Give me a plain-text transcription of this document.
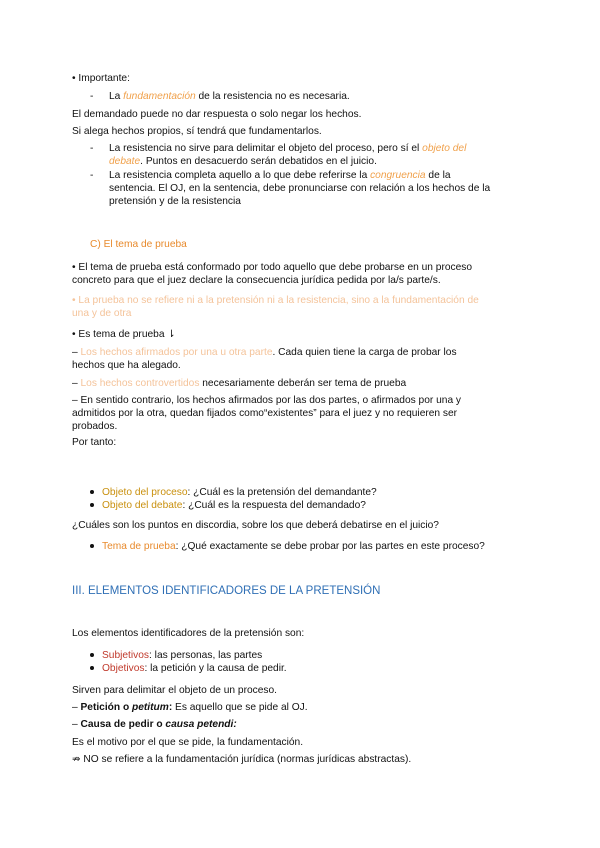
• Importante:
- La fundamentación de la resistencia no es necesaria.
El demandado puede no dar respuesta o solo negar los hechos.
Si alega hechos propios, sí tendrá que fundamentarlos.
- La resistencia no sirve para delimitar el objeto del proceso, pero sí el objeto del
debate. Puntos en desacuerdo serán debatidos en el juicio.
- La resistencia completa aquello a lo que debe referirse la congruencia de la
sentencia. El OJ, en la sentencia, debe pronunciarse con relación a los hechos de la
pretensión y de la resistencia
C) El tema de prueba
• El tema de prueba está conformado por todo aquello que debe probarse en un proceso
concreto para que el juez declare la consecuencia jurídica pedida por la/s parte/s.
• La prueba no se refiere ni a la pretensión ni a la resistencia, sino a la fundamentación de
una y de otra
• Es tema de prueba ⇂
– Los hechos afirmados por una u otra parte. Cada quien tiene la carga de probar los
hechos que ha alegado.
– Los hechos controvertidos necesariamente deberán ser tema de prueba
– En sentido contrario, los hechos afirmados por las dos partes, o afirmados por una y
admitidos por la otra, quedan fijados como“existentes” para el juez y no requieren ser
probados.
Por tanto:
Objeto del proceso: ¿Cuál es la pretensión del demandante?
Objeto del debate: ¿Cuál es la respuesta del demandado?
¿Cuáles son los puntos en discordia, sobre los que deberá debatirse en el juicio?
Tema de prueba: ¿Qué exactamente se debe probar por las partes en este proceso?
III. ELEMENTOS IDENTIFICADORES DE LA PRETENSIÓN
Los elementos identificadores de la pretensión son:
Subjetivos: las personas, las partes
Objetivos: la petición y la causa de pedir.
Sirven para delimitar el objeto de un proceso.
– Petición o petitum: Es aquello que se pide al OJ.
– Causa de pedir o causa petendi:
Es el motivo por el que se pide, la fundamentación.
⇏ NO se refiere a la fundamentación jurídica (normas jurídicas abstractas).
